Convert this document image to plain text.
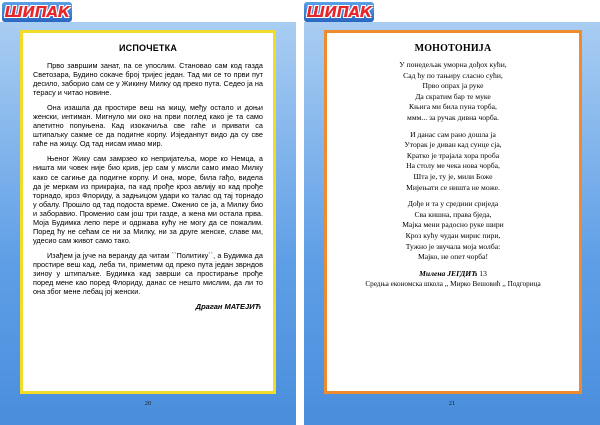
ШИПАК
ИСПОЧЕТКА

Прво завршим занат, па се упослим. Становао сам код газда Светозара, Будино сокаче број тријес један. Тад ми се то први пут десило, заборио сам се у Жикину Милку од преко пута. Седео ја на терасу и читао новине.

Она изашла да простире веш на жицу, међу остало и доњи женски, интиман. Мигнуло ми око на први поглед како је та само апетитно попуњена. Кад изокачиља све гаће и привати са штипаљку сажме се да подигне корпу. Изједанпут видо да су све гаће на жицу. Од тад нисам имао мир.

Њеног Жику сам замрзео ко непријатеља, море ко Немца, а ништа ми човек није био крив, јер сам у мисли само имао Милку како се сагиње да подигне корпу. И она, море, била гађо, видела да је меркам из прикрајка, па кад прође кроз авлију ко кад прође торнадо, кроз Флориду, а задњицом удари ко талас од тај торнадо у обалу. Прошло од тад подоста време. Оженио се ја, а Милку био и заборавио. Променио сам још три газде, а жена ми остала прва. Моја Будимка лепо пере и одржава кућу не могу да се пожалим. Поред ћу не сећам се ни за Милку, ни за друге женске, славе ми, удесио сам живот само тако.

Изађем ја јуче на веранду да читам ``Политику``, а Будимка да простире веш кад, леба ти, приметим од преко пута један зврндов зиноу у штипаљке. Будимка кад заврши са простирање прође поред мене као поред Флориду, данас се нешто мислим, да ли то она због мене лебац јој женски.

Драган МАТЕЈИЋ
20
ШИПАК
МОНОТОНИЈА
У понедељак уморна дођох кући,
Сад ћу по тањиру сласно сући,
Прво опрах ја руке
Да скратим бар те муке
Књига ми била пуна торба,
ммм... за ручак дивна чорба.
И данас сам рано дошла ја
Уторак је диван кад сунце сја,
Кратко је трајала хора проба
На столу ме чека нова чорба,
Шта је, ту је, мили Боже
Мијењати се ништа не може.
Дође и та у средини сриједа
Сва кишна, права бједа,
Мајка мени радосно руке шири
Кроз кућу чудан мирис пири,
Тужно је звучала моја молба:
Мајко, не опет чорба!
Милена ЈЕГДИЋ 13
Средња економска школа ,, Мирко Вешовић ,, Подгорица
21
